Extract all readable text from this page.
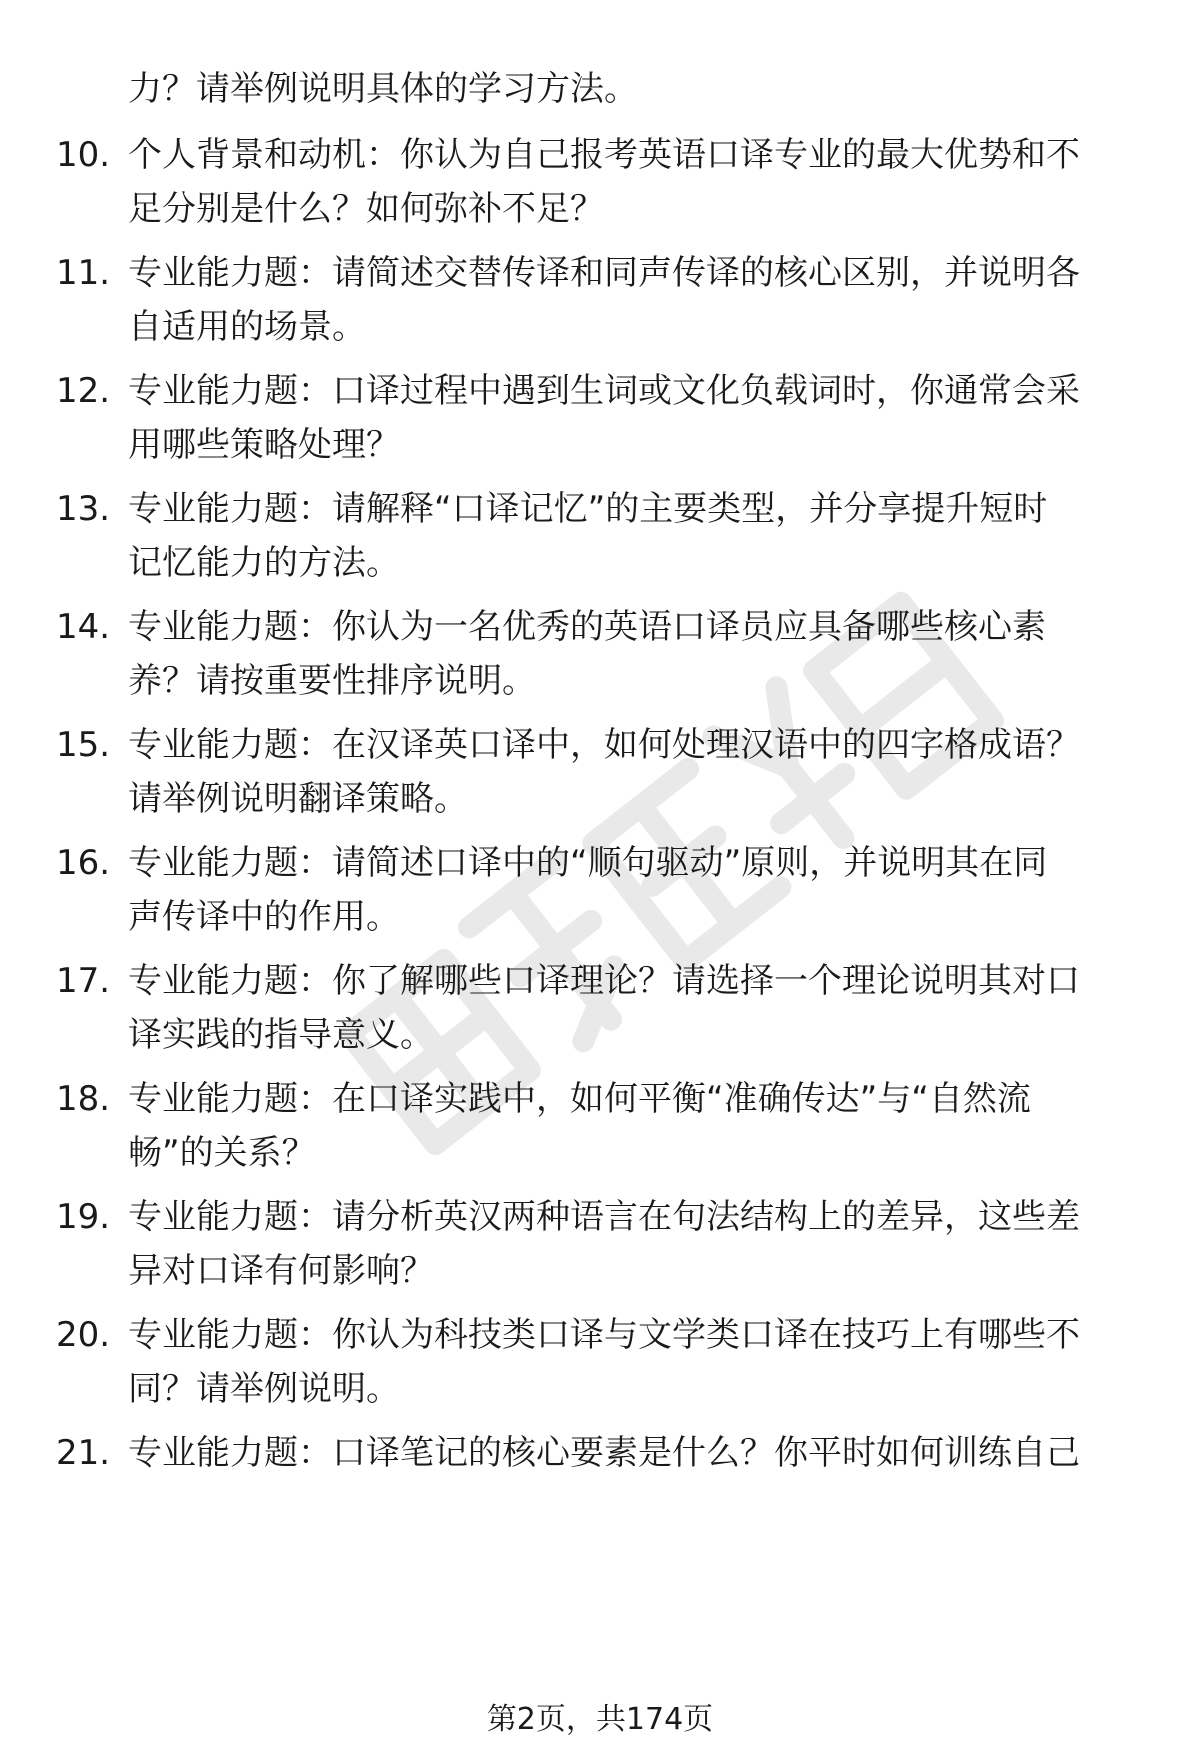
力？请举例说明具体的学习方法。
10. 个人背景和动机：你认为自己报考英语口译专业的最大优势和不
足分别是什么？如何弥补不足？
11. 专业能力题：请简述交替传译和同声传译的核心区别，并说明各
自适用的场景。
12. 专业能力题：口译过程中遇到生词或文化负载词时，你通常会采
用哪些策略处理？
13. 专业能力题：请解释“口译记忆”的主要类型，并分享提升短时
记忆能力的方法。
14. 专业能力题：你认为一名优秀的英语口译员应具备哪些核心素
养？请按重要性排序说明。
15. 专业能力题：在汉译英口译中，如何处理汉语中的四字格成语？
请举例说明翻译策略。
16. 专业能力题：请简述口译中的“顺句驱动”原则，并说明其在同
声传译中的作用。
17. 专业能力题：你了解哪些口译理论？请选择一个理论说明其对口
译实践的指导意义。
18. 专业能力题：在口译实践中，如何平衡“准确传达”与“自然流
畅”的关系？
19. 专业能力题：请分析英汉两种语言在句法结构上的差异，这些差
异对口译有何影响？
20. 专业能力题：你认为科技类口译与文学类口译在技巧上有哪些不
同？请举例说明。
21. 专业能力题：口译笔记的核心要素是什么？你平时如何训练自己
第2页，共174页
